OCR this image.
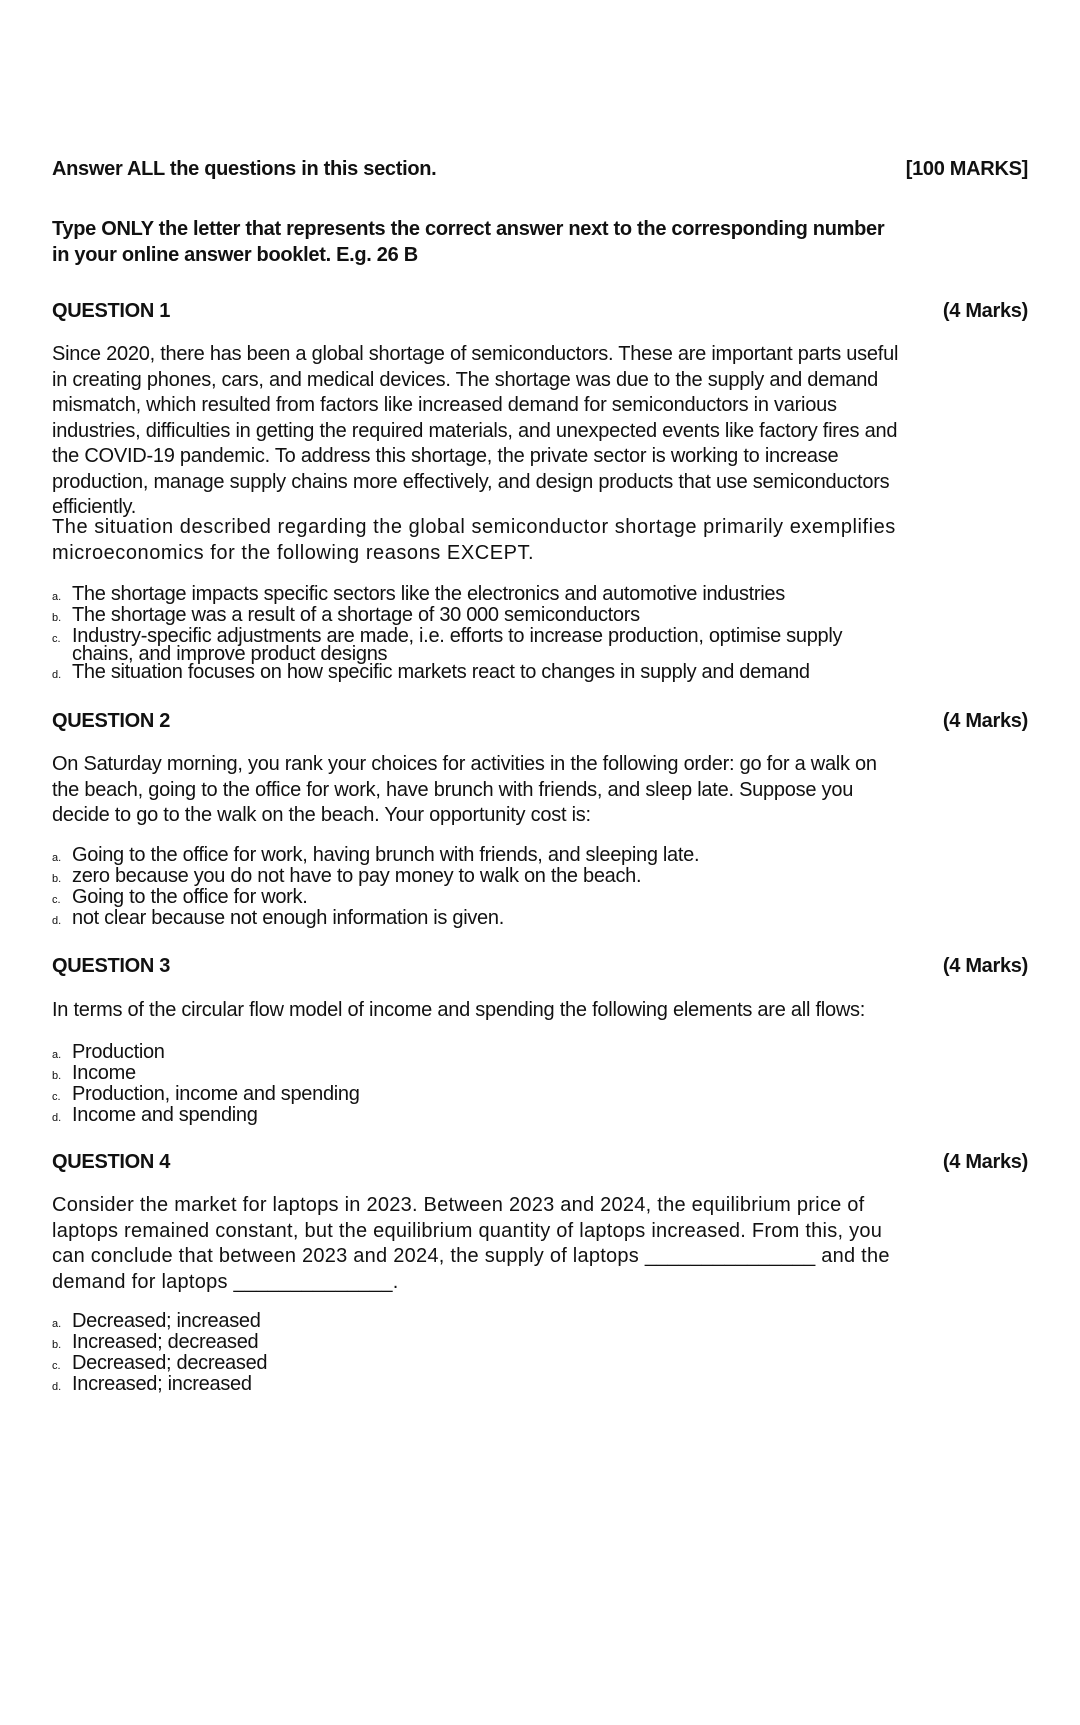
Answer ALL the questions in this section.	[100 MARKS]
Type ONLY the letter that represents the correct answer next to the corresponding number in your online answer booklet. E.g. 26 B
QUESTION 1	(4 Marks)
Since 2020, there has been a global shortage of semiconductors. These are important parts useful in creating phones, cars, and medical devices. The shortage was due to the supply and demand mismatch, which resulted from factors like increased demand for semiconductors in various industries, difficulties in getting the required materials, and unexpected events like factory fires and the COVID-19 pandemic. To address this shortage, the private sector is working to increase production, manage supply chains more effectively, and design products that use semiconductors efficiently.
The situation described regarding the global semiconductor shortage primarily exemplifies microeconomics for the following reasons EXCEPT.
a. The shortage impacts specific sectors like the electronics and automotive industries
b. The shortage was a result of a shortage of 30 000 semiconductors
c. Industry-specific adjustments are made, i.e. efforts to increase production, optimise supply chains, and improve product designs
d. The situation focuses on how specific markets react to changes in supply and demand
QUESTION 2	(4 Marks)
On Saturday morning, you rank your choices for activities in the following order: go for a walk on the beach, going to the office for work, have brunch with friends, and sleep late. Suppose you decide to go to the walk on the beach. Your opportunity cost is:
a. Going to the office for work, having brunch with friends, and sleeping late.
b. zero because you do not have to pay money to walk on the beach.
c. Going to the office for work.
d. not clear because not enough information is given.
QUESTION 3	(4 Marks)
In terms of the circular flow model of income and spending the following elements are all flows:
a. Production
b. Income
c. Production, income and spending
d. Income and spending
QUESTION 4	(4 Marks)
Consider the market for laptops in 2023. Between 2023 and 2024, the equilibrium price of laptops remained constant, but the equilibrium quantity of laptops increased. From this, you can conclude that between 2023 and 2024, the supply of laptops _______________ and the demand for laptops ______________.
a. Decreased; increased
b. Increased; decreased
c. Decreased; decreased
d. Increased; increased
